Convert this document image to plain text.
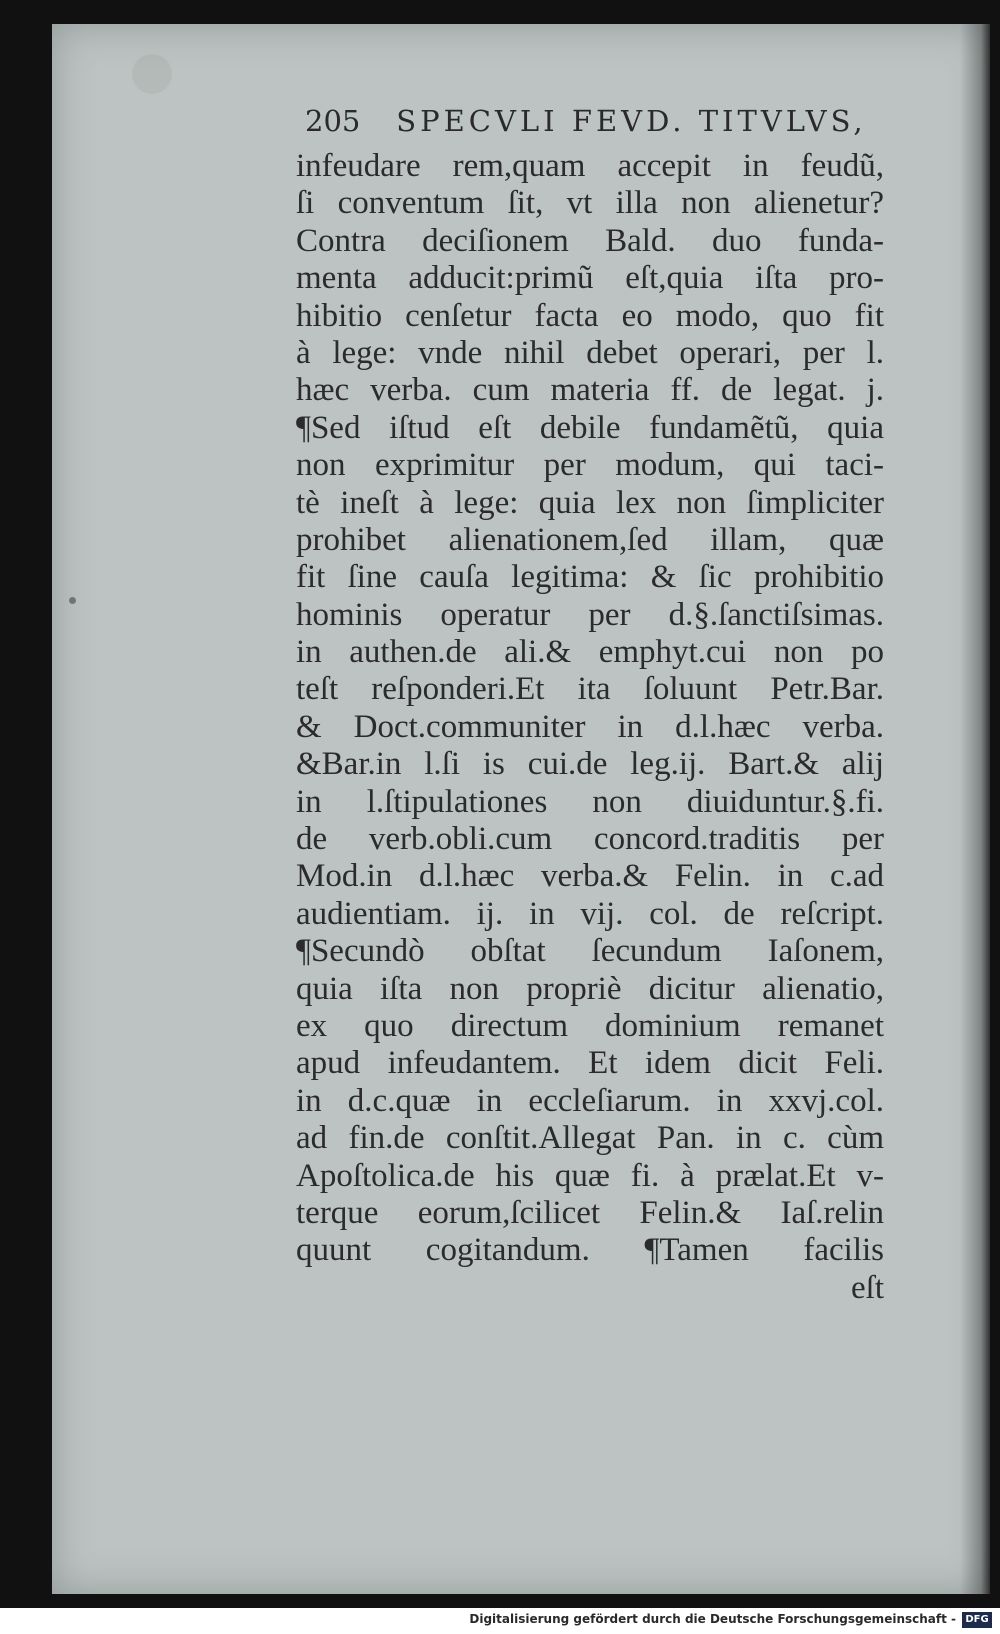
205 SPECVLI FEVD. TITVLVS,
infeudare rem,quam accepit in feudũ,
ſi conventum ſit, vt illa non alienetur?
Contra deciſionem Bald. duo funda-
menta adducit:primũ eſt,quia iſta pro-
hibitio cenſetur facta eo modo, quo fit
à lege: vnde nihil debet operari, per l.
hæc verba. cum materia ff. de legat. j.
¶Sed iſtud eſt debile fundamẽtũ, quia
non exprimitur per modum, qui taci-
tè ineſt à lege: quia lex non ſimpliciter
prohibet alienationem,ſed illam, quæ
fit ſine cauſa legitima: & ſic prohibitio
hominis operatur per d.§.ſanctiſsimas.
in authen.de ali.& emphyt.cui non po
teſt reſponderi.Et ita ſoluunt Petr.Bar.
& Doct.communiter in d.l.hæc verba.
&Bar.in l.ſi is cui.de leg.ij. Bart.& alij
in l.ſtipulationes non diuiduntur.§.fi.
de verb.obli.cum concord.traditis per
Mod.in d.l.hæc verba.& Felin. in c.ad
audientiam. ij. in vij. col. de reſcript.
¶Secundò obſtat ſecundum Iaſonem,
quia iſta non propriè dicitur alienatio,
ex quo directum dominium remanet
apud infeudantem. Et idem dicit Feli.
in d.c.quæ in eccleſiarum. in xxvj.col.
ad fin.de conſtit.Allegat Pan. in c. cùm
Apoſtolica.de his quæ fi. à prælat.Et v-
terque eorum,ſcilicet Felin.& Iaſ.relin
quunt cogitandum. ¶Tamen facilis
eſt
Digitalisierung gefördert durch die Deutsche Forschungsgemeinschaft - DFG
